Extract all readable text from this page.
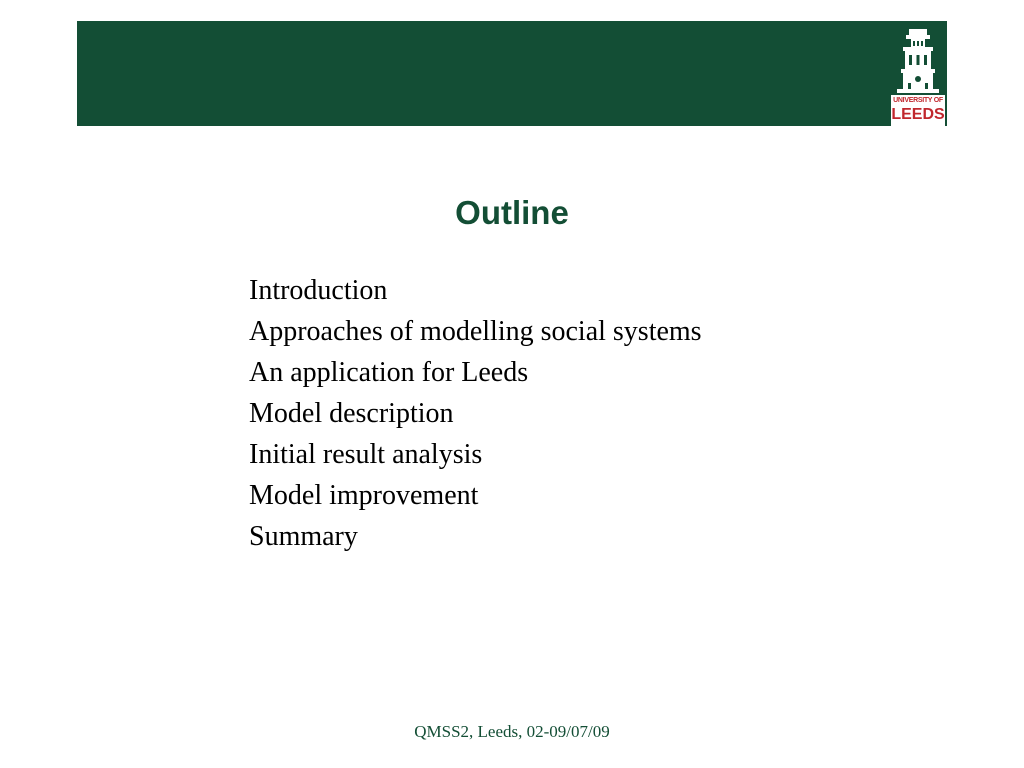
UNIVERSITY OF
LEEDS
Outline
Introduction
Approaches of modelling social systems
An application for Leeds
Model description
Initial result analysis
Model improvement
Summary
QMSS2, Leeds, 02-09/07/09
